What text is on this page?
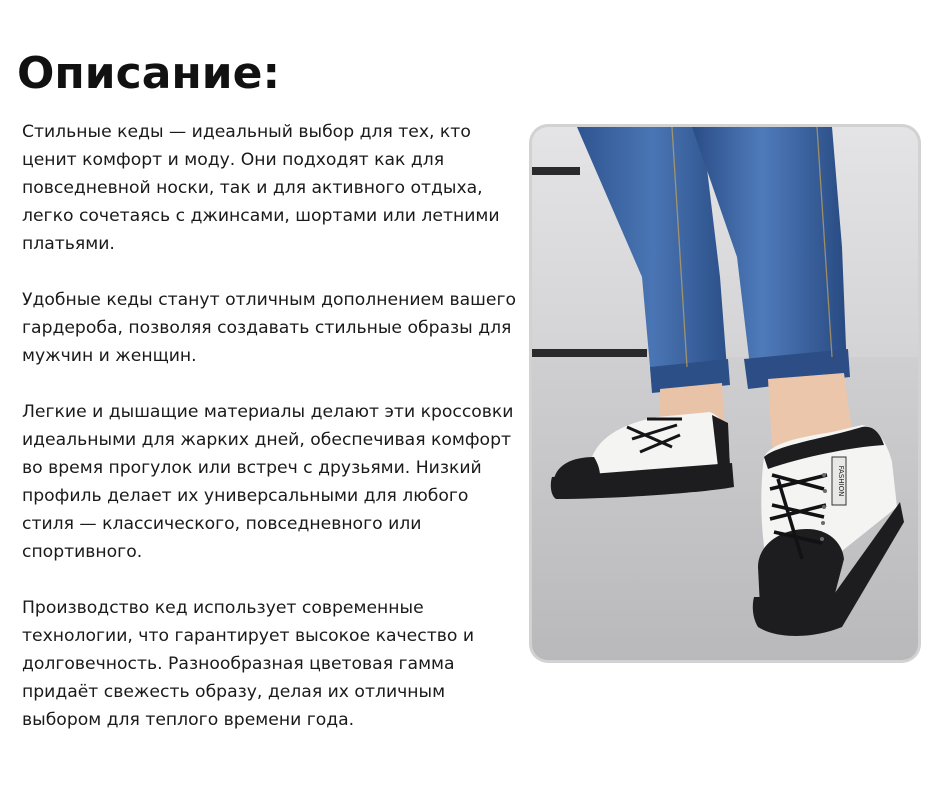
Описание:

Стильные кеды — идеальный выбор для тех, кто ценит комфорт и моду. Они подходят как для повседневной носки, так и для активного отдыха, легко сочетаясь с джинсами, шортами или летними платьями.

Удобные кеды станут отличным дополнением вашего гардероба, позволяя создавать стильные образы для мужчин и женщин.

Легкие и дышащие материалы делают эти кроссовки идеальными для жарких дней, обеспечивая комфорт во время прогулок или встреч с друзьями. Низкий профиль делает их универсальными для любого стиля — классического, повседневного или спортивного.

Производство кед использует современные технологии, что гарантирует высокое качество и долговечность. Разнообразная цветовая гамма придаёт свежесть образу, делая их отличным выбором для теплого времени года.

FASHION
